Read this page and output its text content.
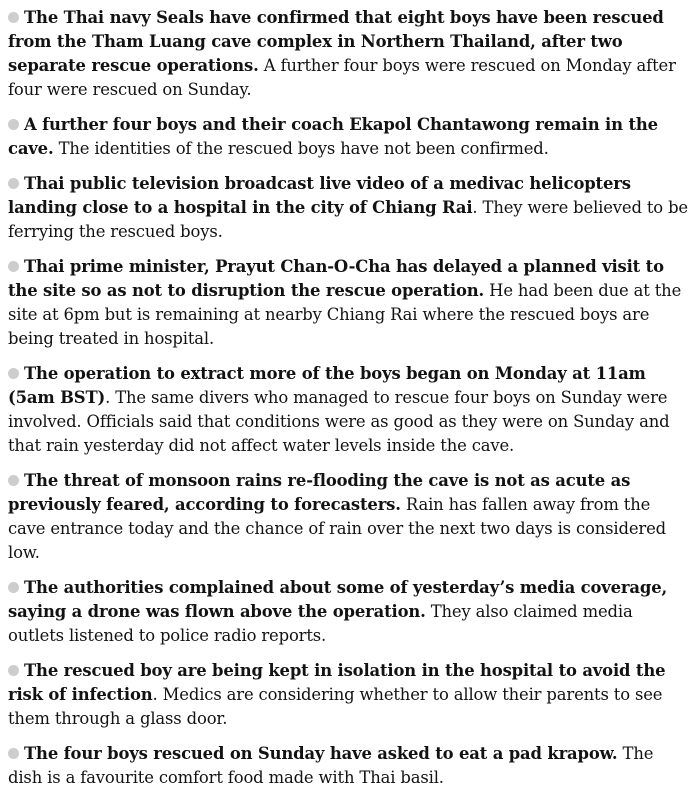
The Thai navy Seals have confirmed that eight boys have been rescued from the Tham Luang cave complex in Northern Thailand, after two separate rescue operations. A further four boys were rescued on Monday after four were rescued on Sunday.

A further four boys and their coach Ekapol Chantawong remain in the cave. The identities of the rescued boys have not been confirmed.

Thai public television broadcast live video of a medivac helicopters landing close to a hospital in the city of Chiang Rai. They were believed to be ferrying the rescued boys.

Thai prime minister, Prayut Chan-O-Cha has delayed a planned visit to the site so as not to disruption the rescue operation. He had been due at the site at 6pm but is remaining at nearby Chiang Rai where the rescued boys are being treated in hospital.

The operation to extract more of the boys began on Monday at 11am (5am BST). The same divers who managed to rescue four boys on Sunday were involved. Officials said that conditions were as good as they were on Sunday and that rain yesterday did not affect water levels inside the cave.

The threat of monsoon rains re-flooding the cave is not as acute as previously feared, according to forecasters. Rain has fallen away from the cave entrance today and the chance of rain over the next two days is considered low.

The authorities complained about some of yesterday’s media coverage, saying a drone was flown above the operation. They also claimed media outlets listened to police radio reports.

The rescued boy are being kept in isolation in the hospital to avoid the risk of infection. Medics are considering whether to allow their parents to see them through a glass door.

The four boys rescued on Sunday have asked to eat a pad krapow. The dish is a favourite comfort food made with Thai basil.
